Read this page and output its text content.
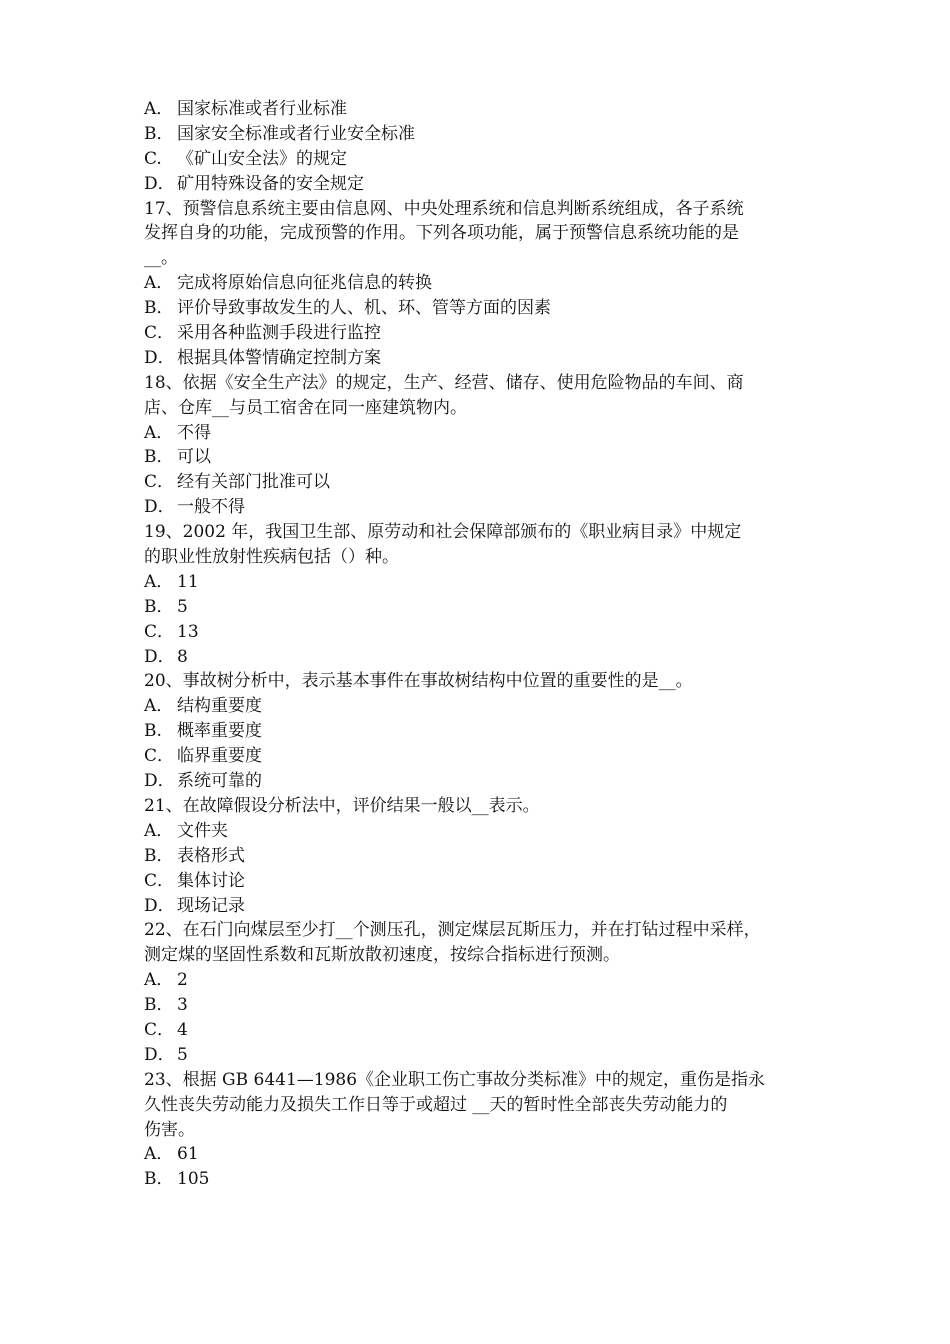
A． 国家标准或者行业标准
B． 国家安全标准或者行业安全标准
C. 《矿山安全法》的规定
D． 矿用特殊设备的安全规定
17、预警信息系统主要由信息网、中央处理系统和信息判断系统组成，各子系统
发挥自身的功能，完成预警的作用。下列各项功能，属于预警信息系统功能的是
__。
A． 完成将原始信息向征兆信息的转换
B． 评价导致事故发生的人、机、环、管等方面的因素
C． 采用各种监测手段进行监控
D． 根据具体警情确定控制方案
18、依据《安全生产法》的规定，生产、经营、储存、使用危险物品的车间、商
店、仓库__与员工宿舍在同一座建筑物内。
A． 不得
B． 可以
C． 经有关部门批准可以
D． 一般不得
19、2002 年，我国卫生部、原劳动和社会保障部颁布的《职业病目录》中规定
的职业性放射性疾病包括（）种。
A． 11
B． 5
C． 13
D． 8
20、事故树分析中，表示基本事件在事故树结构中位置的重要性的是__。
A． 结构重要度
B. 概率重要度
C． 临界重要度
D． 系统可靠的
21、在故障假设分析法中，评价结果一般以__表示。
A． 文件夹
B． 表格形式
C． 集体讨论
D． 现场记录
22、在石门向煤层至少打__个测压孔，测定煤层瓦斯压力，并在打钻过程中采样，
测定煤的坚固性系数和瓦斯放散初速度，按综合指标进行预测。
A． 2
B． 3
C． 4
D． 5
23、根据 GB 6441—1986《企业职工伤亡事故分类标准》中的规定，重伤是指永
久性丧失劳动能力及损失工作日等于或超过 __天的暂时性全部丧失劳动能力的
伤害。
A． 61
B． 105
